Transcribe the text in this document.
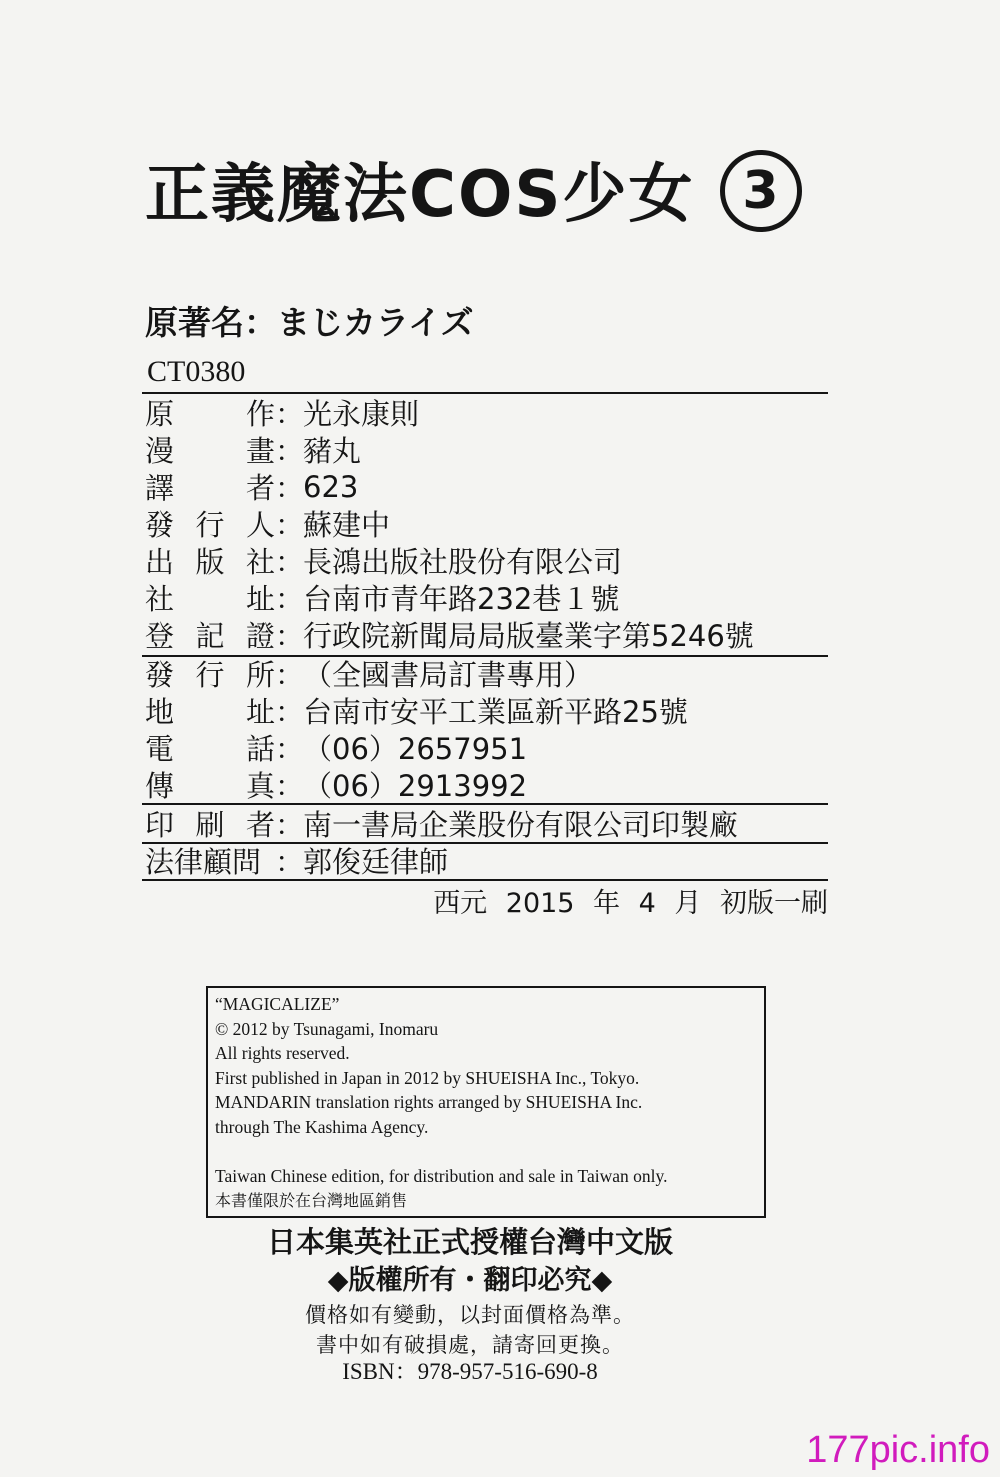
正義魔法COS少女 3
原著名：まじカライズ
CT0380
原 作 ：
光永康則
漫 畫 ：
豬丸
譯 者 ：
623
發 行 人 ：
蘇建中
出 版 社 ：
長鴻出版社股份有限公司
社 址 ：
台南市青年路232巷１號
登 記 證 ：
行政院新聞局局版臺業字第5246號
發 行 所 ：
（全國書局訂書專用）
地 址 ：
台南市安平工業區新平路25號
電 話 ：
（06）2657951
傳 真 ：
（06）2913992
印 刷 者 ：
南一書局企業股份有限公司印製廠
法律顧問 ：
郭俊廷律師
西元 2015 年 4 月 初版一刷
“MAGICALIZE”
© 2012 by Tsunagami, Inomaru
All rights reserved.
First published in Japan in 2012 by SHUEISHA Inc., Tokyo.
MANDARIN translation rights arranged by SHUEISHA Inc.
through The Kashima Agency.
Taiwan Chinese edition, for distribution and sale in Taiwan only.
本書僅限於在台灣地區銷售
日本集英社正式授權台灣中文版
◆版權所有・翻印必究◆
價格如有變動，以封面價格為準。
書中如有破損處，請寄回更換。
ISBN：978-957-516-690-8
177pic.info
